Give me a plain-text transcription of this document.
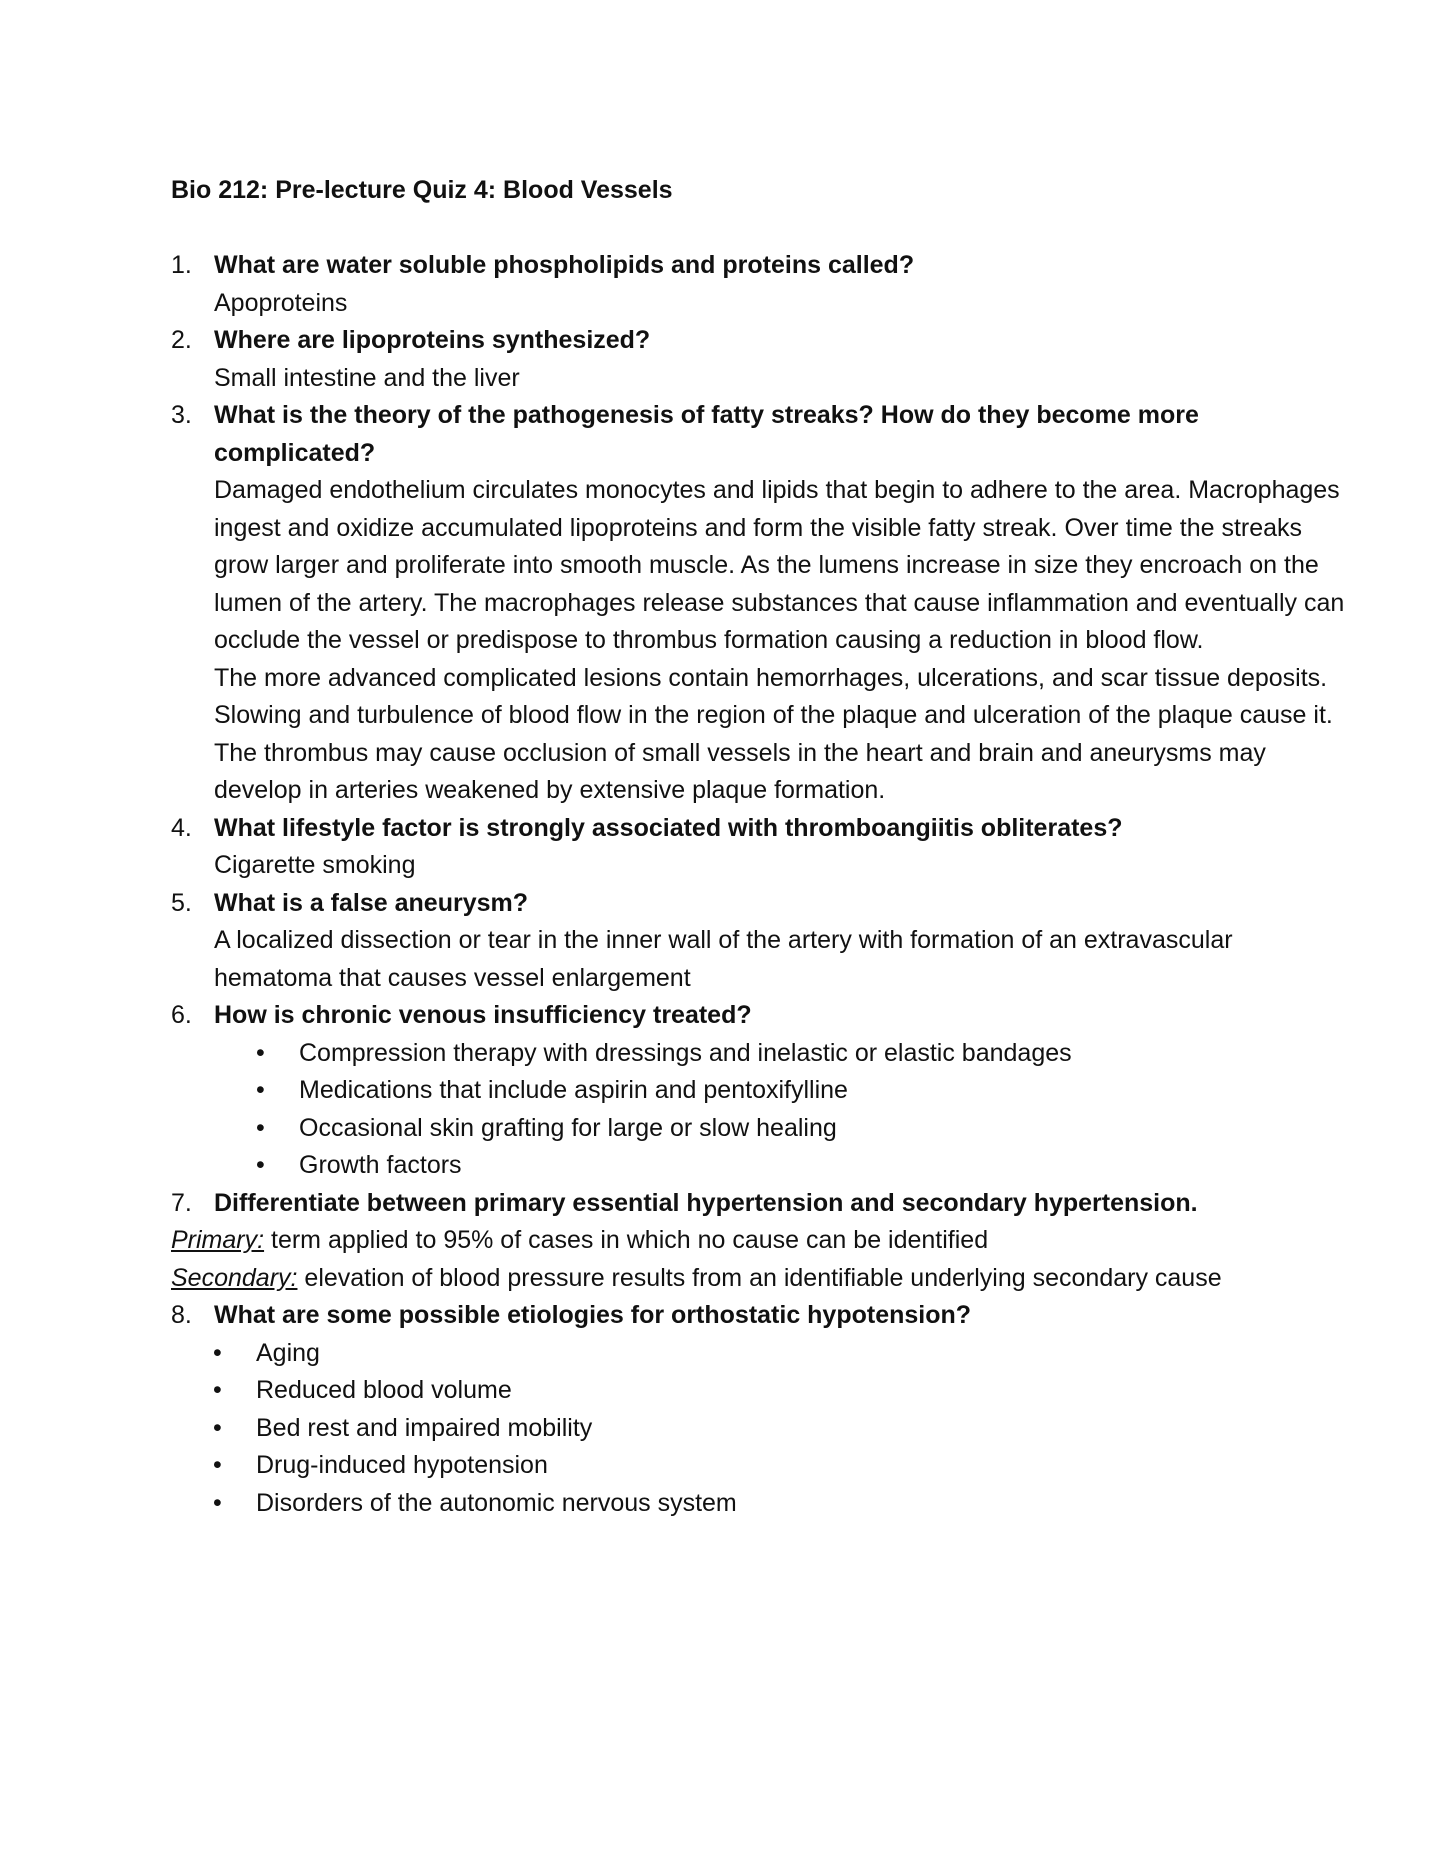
Bio 212: Pre-lecture Quiz 4: Blood Vessels
1. What are water soluble phospholipids and proteins called?
Apoproteins
2. Where are lipoproteins synthesized?
Small intestine and the liver
3. What is the theory of the pathogenesis of fatty streaks? How do they become more complicated?
Damaged endothelium circulates monocytes and lipids that begin to adhere to the area. Macrophages ingest and oxidize accumulated lipoproteins and form the visible fatty streak. Over time the streaks grow larger and proliferate into smooth muscle. As the lumens increase in size they encroach on the lumen of the artery. The macrophages release substances that cause inflammation and eventually can occlude the vessel or predispose to thrombus formation causing a reduction in blood flow.
The more advanced complicated lesions contain hemorrhages, ulcerations, and scar tissue deposits. Slowing and turbulence of blood flow in the region of the plaque and ulceration of the plaque cause it. The thrombus may cause occlusion of small vessels in the heart and brain and aneurysms may develop in arteries weakened by extensive plaque formation.
4. What lifestyle factor is strongly associated with thromboangiitis obliterates?
Cigarette smoking
5. What is a false aneurysm?
A localized dissection or tear in the inner wall of the artery with formation of an extravascular hematoma that causes vessel enlargement
6. How is chronic venous insufficiency treated?
• Compression therapy with dressings and inelastic or elastic bandages
• Medications that include aspirin and pentoxifylline
• Occasional skin grafting for large or slow healing
• Growth factors
7. Differentiate between primary essential hypertension and secondary hypertension.
Primary: term applied to 95% of cases in which no cause can be identified
Secondary: elevation of blood pressure results from an identifiable underlying secondary cause
8. What are some possible etiologies for orthostatic hypotension?
• Aging
• Reduced blood volume
• Bed rest and impaired mobility
• Drug-induced hypotension
• Disorders of the autonomic nervous system
